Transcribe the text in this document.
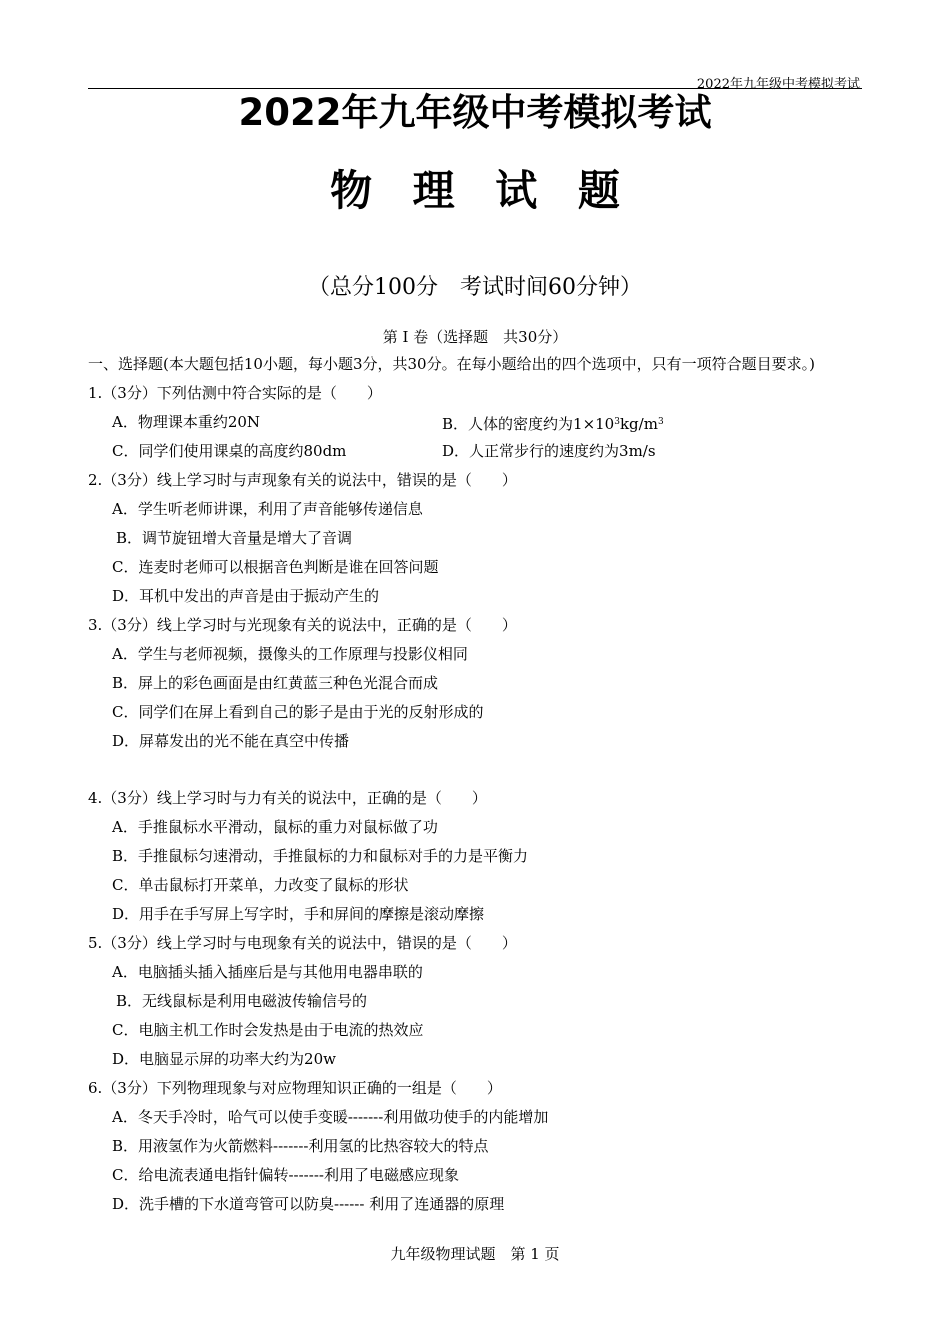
2022年九年级中考模拟考试
2022年九年级中考模拟考试
物 理 试 题
（总分100分　考试时间60分钟）
第 I 卷（选择题　共30分）
一、选择题(本大题包括10小题，每小题3分，共30分。在每小题给出的四个选项中，只有一项符合题目要求。)
1.（3分）下列估测中符合实际的是（　　）
A．物理课本重约20N	B．人体的密度约为$1\times 10^3kg/m^3$
C．同学们使用课桌的高度约80dm	D．人正常步行的速度约为3m/s
2.（3分）线上学习时与声现象有关的说法中，错误的是（　　）
A．学生听老师讲课，利用了声音能够传递信息
B．调节旋钮增大音量是增大了音调
C．连麦时老师可以根据音色判断是谁在回答问题
D．耳机中发出的声音是由于振动产生的
3.（3分）线上学习时与光现象有关的说法中，正确的是（　　）
A．学生与老师视频，摄像头的工作原理与投影仪相同
B．屏上的彩色画面是由红黄蓝三种色光混合而成
C．同学们在屏上看到自己的影子是由于光的反射形成的
D．屏幕发出的光不能在真空中传播
4.（3分）线上学习时与力有关的说法中，正确的是（　　）
A．手推鼠标水平滑动，鼠标的重力对鼠标做了功
B．手推鼠标匀速滑动，手推鼠标的力和鼠标对手的力是平衡力
C．单击鼠标打开菜单，力改变了鼠标的形状
D．用手在手写屏上写字时，手和屏间的摩擦是滚动摩擦
5.（3分）线上学习时与电现象有关的说法中，错误的是（　　）
A．电脑插头插入插座后是与其他用电器串联的
B．无线鼠标是利用电磁波传输信号的
C．电脑主机工作时会发热是由于电流的热效应
D．电脑显示屏的功率大约为20w
6.（3分）下列物理现象与对应物理知识正确的一组是（　　）
A．冬天手冷时，哈气可以使手变暖-------利用做功使手的内能增加
B．用液氢作为火箭燃料-------利用氢的比热容较大的特点
C．给电流表通电指针偏转-------利用了电磁感应现象
D．洗手槽的下水道弯管可以防臭------ 利用了连通器的原理
九年级物理试题　第 1 页
